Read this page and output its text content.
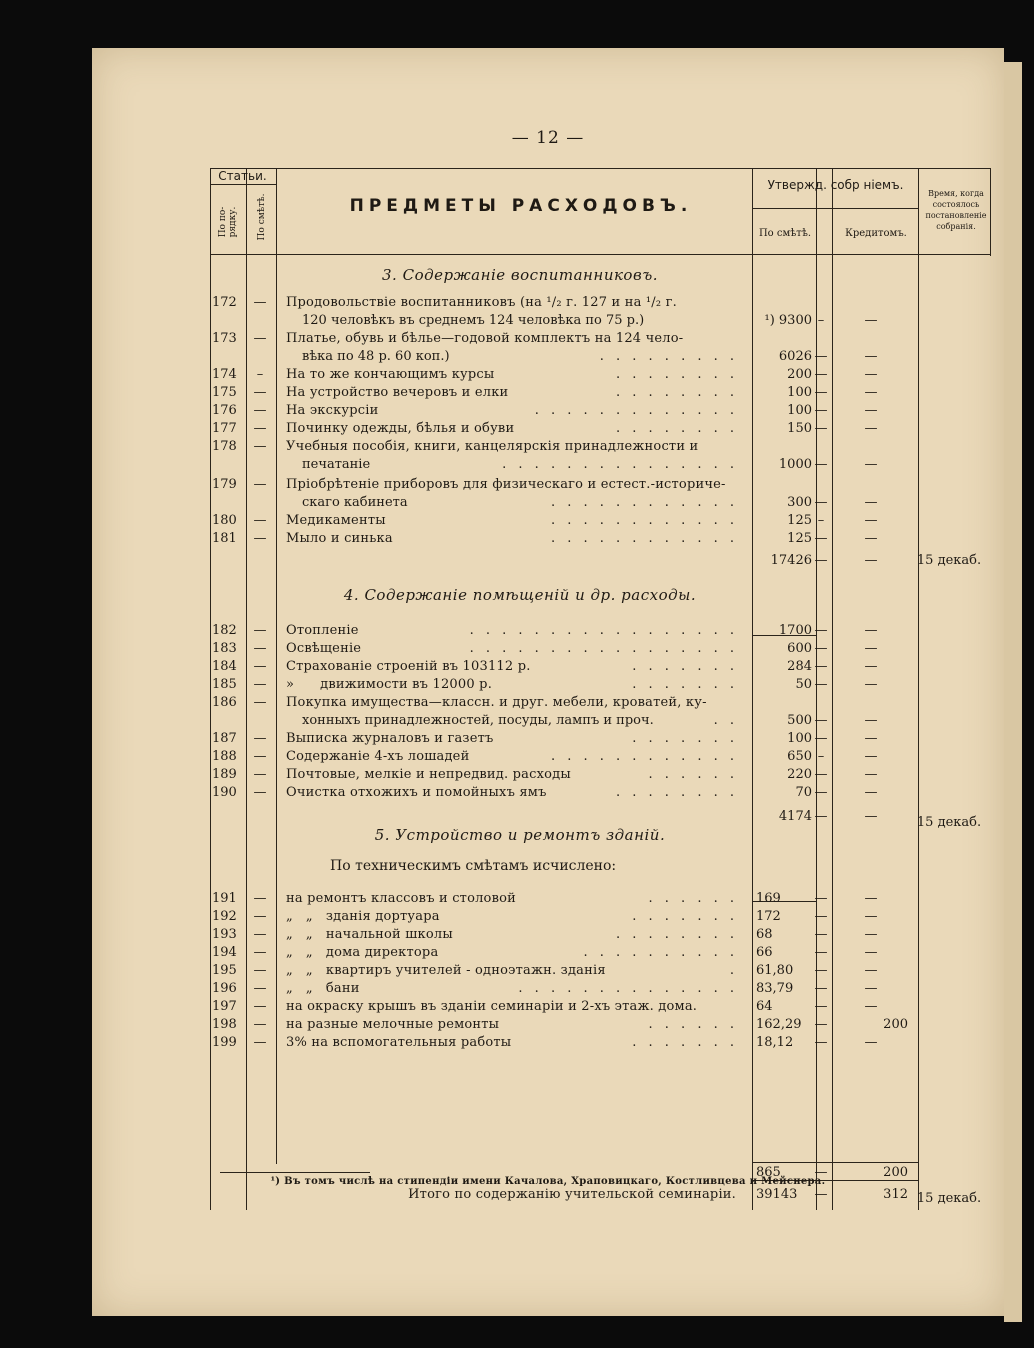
— 12 —
Статьи.
По по-рядку. По смѣтѣ.	ПРЕДМЕТЫ РАСХОДОВЪ.
Утвержд. собр ніемъ.
По смѣтѣ.	Кредитомъ.
Время, когда состоялось постановленіе собранія.
3. Содержаніе воспитанниковъ.
172	— Продовольствіе воспитанниковъ (на ¹/₂ г. 127 и на ¹/₂ г.
120 человѣкъ въ среднемъ 124 человѣка по 75 р.)	¹) 9300 –	—
173	— Платье, обувь и бѣлье—годовой комплектъ на 124 чело-
вѣка по 48 р. 60 коп.)	. . . . . . . . .	6026 —	—
174	–	На то же кончающимъ курсы	. . . . . . . .	200 —	—
175	— На устройство вечеровъ и елки	. . . . . . . .	100 —	—
176	— На экскурсіи	. . . . . . . . . . . . .	100 —	—
177	— Починку одежды, бѣлья и обуви	. . . . . . . .	150 —	—
178	— Учебныя пособія, книги, канцелярскія принадлежности и
печатаніе	. . . . . . . . . . . . . . .	1000 —	—
179	— Пріобрѣтеніе приборовъ для физическаго и естест.-историче-
скаго кабинета	. . . . . . . . . . . .	300 —	—
180	— Медикаменты	. . . . . . . . . . . .	125 –	—
181	— Мыло и синька	. . . . . . . . . . . .	125 —	—
17426 —	—	15 декаб.
4. Содержаніе помѣщеній и др. расходы.
182	— Отопленіе	. . . . . . . . . . . . . . . . .	1700 —	—
183	— Освѣщеніе	. . . . . . . . . . . . . . . . .	600 —	—
184	— Страхованіе строеній въ 103112 р.	. . . . . . .	284 —	—
185	— »      движимости въ 12000 р.	. . . . . . .	50 —	—
186	— Покупка имущества—классн. и друг. мебели, кроватей, ку-
хонныхъ принадлежностей, посуды, лампъ и проч.	. .	500 —	—
187	— Выписка журналовъ и газетъ	. . . . . . .	100 —	—
188	— Содержаніе 4-хъ лошадей	. . . . . . . . . . . .	650 –	—
189	— Почтовые, мелкіе и непредвид. расходы	. . . . . .	220 —	—
190	— Очистка отхожихъ и помойныхъ ямъ	. . . . . . . .	70 —	—
4174 —	—	15 декаб.
5. Устройство и ремонтъ зданій.
По техническимъ смѣтамъ исчислено:
191	— на ремонтъ классовъ и столовой	. . . . . . 169	—	—
192	— „   „   зданія дортуара	. . . . . . . 172	—	—
193	— „   „   начальной школы	. . . . . . . . 68	—	—
194	— „   „   дома директора	. . . . . . . . . . 66	—	—
195	— „   „   квартиръ учителей - одноэтажн. зданія	. 61,80	—	—
196	— „   „   бани	. . . . . . . . . . . . . . 83,79	—	—
197	— на окраску крышъ въ зданіи семинаріи и 2-хъ этаж. дома.	64	—	—
198	— на разные мелочные ремонты	. . . . . . 162,29	—	200
199	— 3% на вспомогательныя работы	. . . . . . . 18,12	—	—
865	—	200
Итого по содержанію учительской семинаріи. 39143	—	312 15 декаб.
¹) Въ томъ числѣ на стипендіи имени Качалова, Храповицкаго, Костливцева и Мейснера.
